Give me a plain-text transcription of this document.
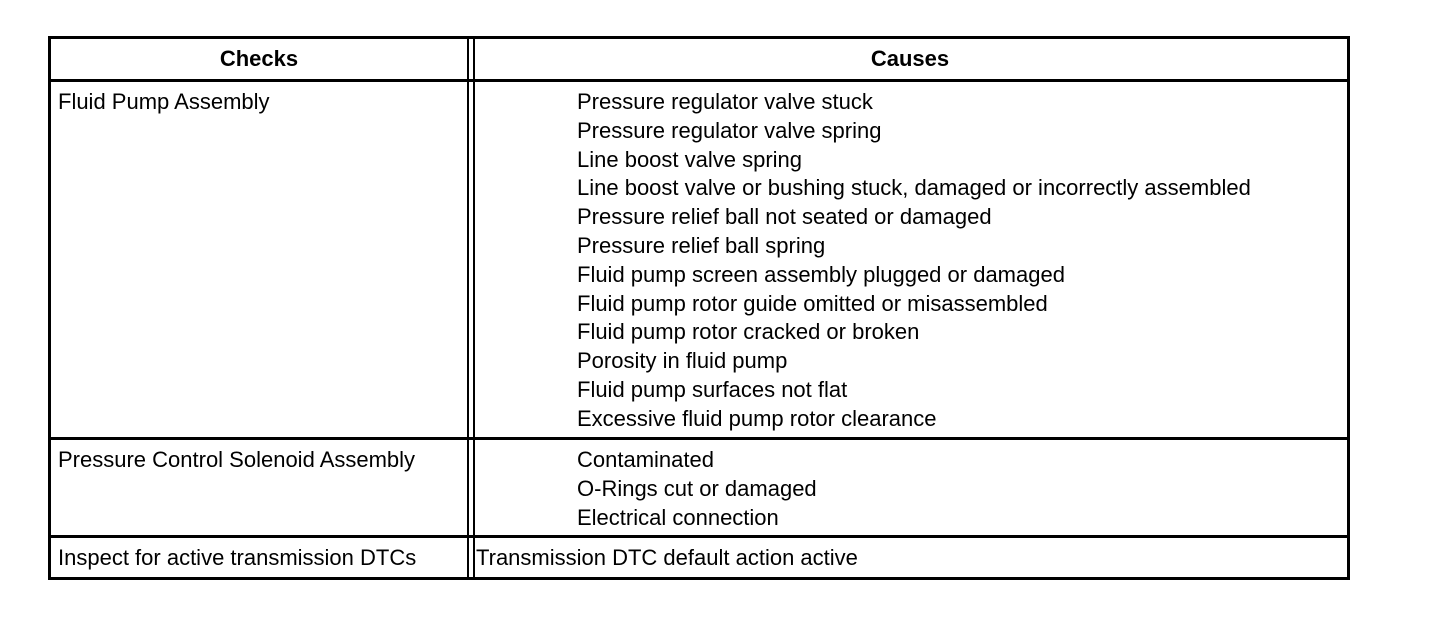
Checks	Causes
Fluid Pump Assembly	Pressure regulator valve stuck
Pressure regulator valve spring
Line boost valve spring
Line boost valve or bushing stuck, damaged or incorrectly assembled
Pressure relief ball not seated or damaged
Pressure relief ball spring
Fluid pump screen assembly plugged or damaged
Fluid pump rotor guide omitted or misassembled
Fluid pump rotor cracked or broken
Porosity in fluid pump
Fluid pump surfaces not flat
Excessive fluid pump rotor clearance
Pressure Control Solenoid Assembly	Contaminated
O-Rings cut or damaged
Electrical connection
Inspect for active transmission DTCs	Transmission DTC default action active
